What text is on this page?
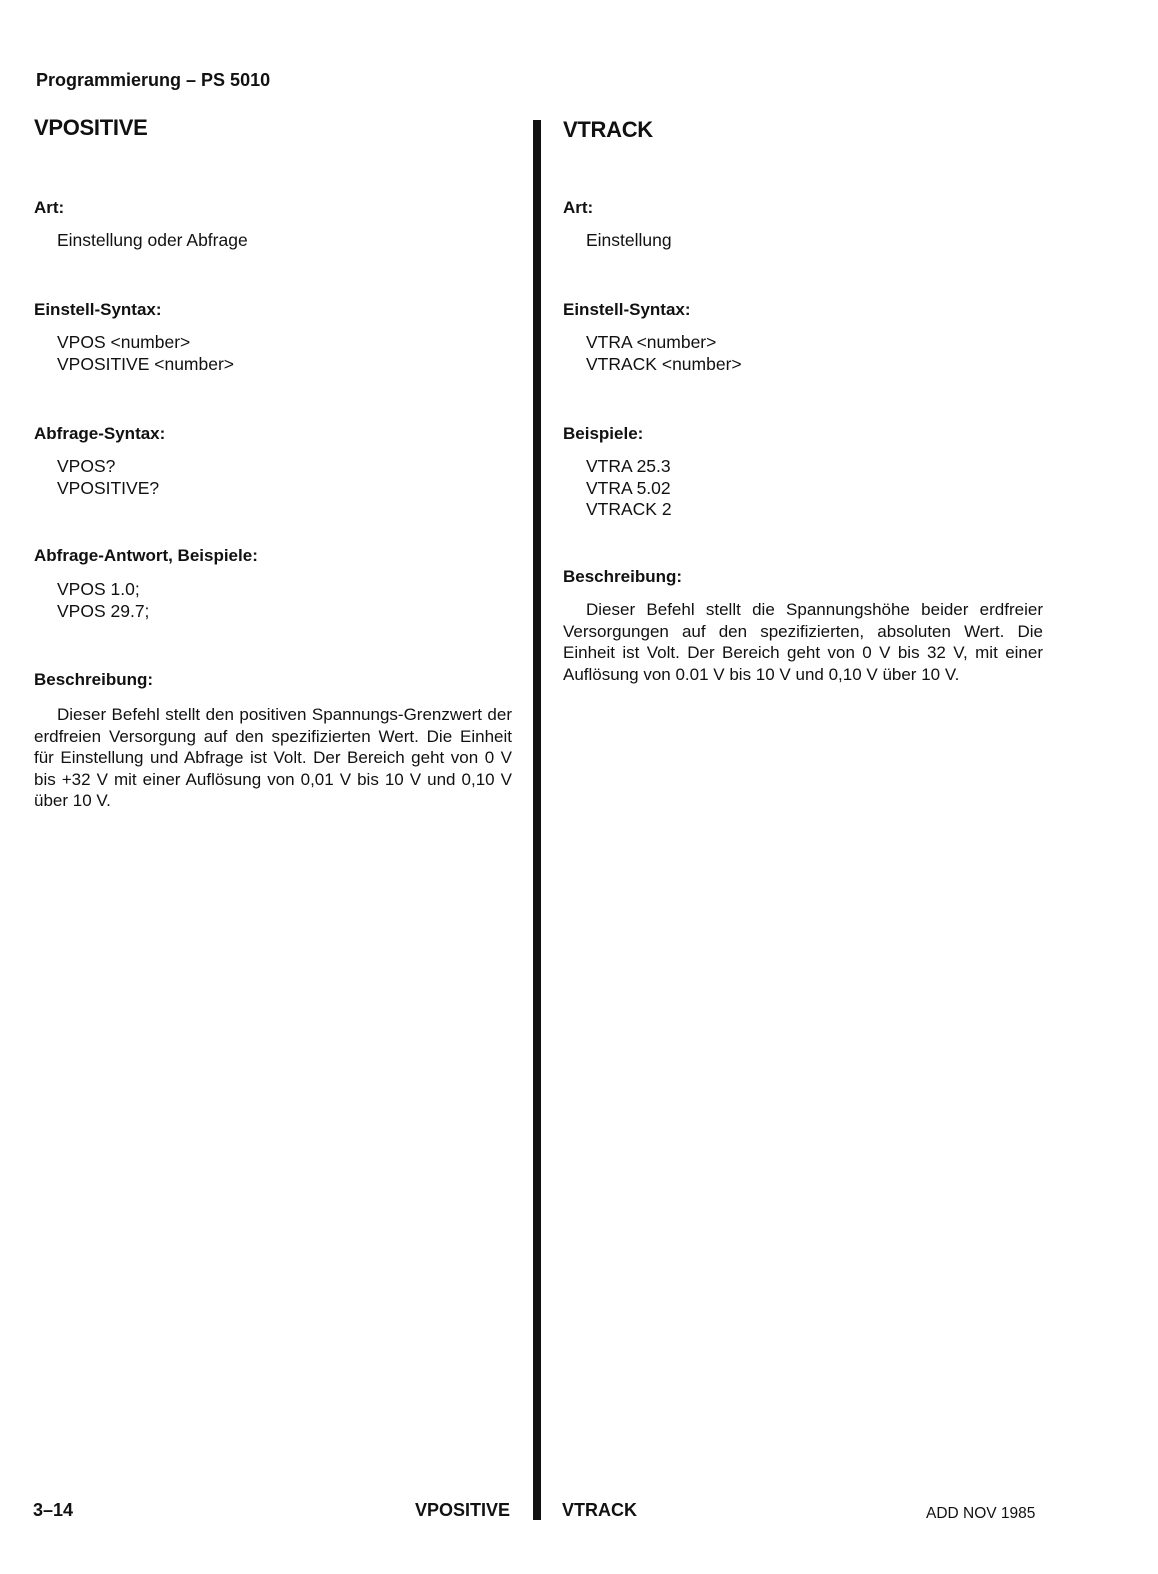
Programmierung – PS 5010
VPOSITIVE
Art:
Einstellung oder Abfrage
Einstell-Syntax:
VPOS <number>
VPOSITIVE <number>
Abfrage-Syntax:
VPOS?
VPOSITIVE?
Abfrage-Antwort, Beispiele:
VPOS 1.0;
VPOS 29.7;
Beschreibung:
Dieser Befehl stellt den positiven Spannungs-Grenzwert der erdfreien Versorgung auf den spezifizierten Wert. Die Einheit für Einstellung und Abfrage ist Volt. Der Bereich geht von 0 V bis +32 V mit einer Auflösung von 0,01 V bis 10 V und 0,10 V über 10 V.
VTRACK
Art:
Einstellung
Einstell-Syntax:
VTRA <number>
VTRACK <number>
Beispiele:
VTRA 25.3
VTRA 5.02
VTRACK 2
Beschreibung:
Dieser Befehl stellt die Spannungshöhe beider erdfreier Versorgungen auf den spezifizierten, absoluten Wert. Die Einheit ist Volt. Der Bereich geht von 0 V bis 32 V, mit einer Auflösung von 0.01 V bis 10 V und 0,10 V über 10 V.
3–14	VPOSITIVE	VTRACK	ADD NOV 1985
